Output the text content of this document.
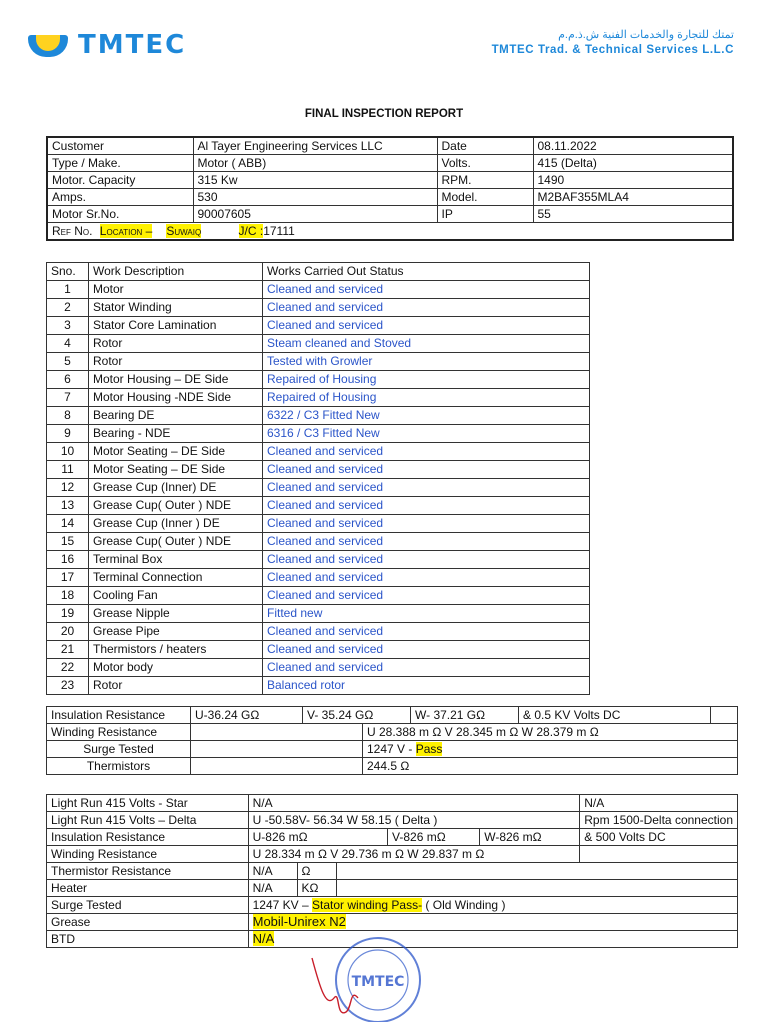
TMTEC	تمتك للتجارة والخدمات الفنية ش.ذ.م.م
TMTEC Trad. & Technical Services L.L.C
FINAL INSPECTION REPORT
Customer	Al Tayer Engineering Services LLC	Date	08.11.2022
Type / Make.	Motor ( ABB)	Volts.	415 (Delta)
Motor. Capacity	315 Kw	RPM.	1490
Amps.	530	Model.	M2BAF355MLA4
Motor Sr.No.	90007605	IP	55
Ref No. Location – Suwaiq J/C :17111			
Sno.	Work Description	Works Carried Out Status
1	Motor	Cleaned and serviced
2	Stator Winding	Cleaned and serviced
3	Stator Core Lamination	Cleaned and serviced
4	Rotor	Steam cleaned and Stoved
5	Rotor	Tested with Growler
6	Motor Housing – DE Side	Repaired of Housing
7	Motor Housing -NDE Side	Repaired of Housing
8	Bearing DE	6322 / C3 Fitted New
9	Bearing - NDE	6316 / C3 Fitted New
10	Motor Seating – DE Side	Cleaned and serviced
11	Motor Seating – DE Side	Cleaned and serviced
12	Grease Cup (Inner) DE	Cleaned and serviced
13	Grease Cup( Outer ) NDE	Cleaned and serviced
14	Grease Cup (Inner ) DE	Cleaned and serviced
15	Grease Cup( Outer ) NDE	Cleaned and serviced
16	Terminal Box	Cleaned and serviced
17	Terminal Connection	Cleaned and serviced
18	Cooling Fan	Cleaned and serviced
19	Grease Nipple	Fitted new
20	Grease Pipe	Cleaned and serviced
21	Thermistors / heaters	Cleaned and serviced
22	Motor body	Cleaned and serviced
23	Rotor	Balanced rotor
Insulation Resistance	U-36.24 GΩ	V- 35.24 GΩ		W- 37.21 GΩ	& 0.5 KV Volts DC	
Winding Resistance			U 28.388 m Ω V 28.345 m Ω W 28.379 m Ω			
Surge Tested			1247 V - Pass			
Thermistors			244.5 Ω			
Light Run 415 Volts - Star	N/A					N/A
Light Run 415 Volts – Delta	U -50.58V- 56.34 W 58.15 ( Delta )					Rpm 1500-Delta connection
Insulation Resistance	U-826 mΩ			V-826 mΩ	W-826 mΩ	& 500 Volts DC
Winding Resistance	U 28.334 m Ω V 29.736 m Ω W 29.837 m Ω					
Thermistor Resistance	N/A	Ω				
Heater	N/A	KΩ				
Surge Tested	1247 KV – Stator winding Pass- ( Old Winding )					
Grease	Mobil-Unirex N2					
BTD	N/A					
TMTEC
